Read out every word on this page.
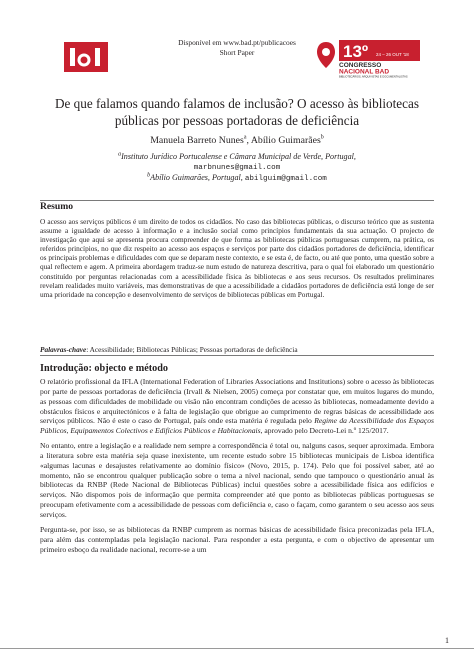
Disponível em www.bad.pt/publicacoes
Short Paper	13º 24 – 26 OUT '18
CONGRESSO
NACIONAL BAD
BIBLIOTECÁRIOS, ARQUIVISTAS E DOCUMENTALISTAS
De que falamos quando falamos de inclusão? O acesso às bibliotecas
públicas por pessoas portadoras de deficiência
Manuela Barreto Nunes$^a$, Abílio Guimarães$^b$
$^a$Instituto Jurídico Portucalense e Câmara Municipal de Verde, Portugal,
marbnunes@gmail.com
$^b$Abílio Guimarães, Portugal, abilguim@gmail.com
Resumo
O acesso aos serviços públicos é um direito de todos os cidadãos. No caso das bibliotecas públicas, o discurso teórico que as sustenta assume a igualdade de acesso à informação e a inclusão social como princípios fundamentais da sua actuação. O projecto de investigação que aqui se apresenta procura compreender de que forma as bibliotecas públicas portuguesas cumprem, na prática, os referidos princípios, no que diz respeito ao acesso aos espaços e serviços por parte dos cidadãos portadores de deficiência, identificar os principais problemas e dificuldades com que se deparam neste contexto, e se esta é, de facto, ou até que ponto, uma questão sobre a qual reflectem e agem. A primeira abordagem traduz-se num estudo de natureza descritiva, para o qual foi elaborado um questionário constituído por perguntas relacionadas com a acessibilidade física às bibliotecas e aos seus recursos. Os resultados preliminares revelam realidades muito variáveis, mas demonstrativas de que a acessibilidade a cidadãos portadores de deficiência está longe de ser uma prioridade na concepção e desenvolvimento de serviços de bibliotecas públicas em Portugal.
Palavras-chave: Acessibilidade; Bibliotecas Públicas; Pessoas portadoras de deficiência
Introdução: objecto e método

O relatório profissional da IFLA (International Federation of Libraries Associations and Institutions) sobre o acesso às bibliotecas por parte de pessoas portadoras de deficiência (Irvall & Nielsen, 2005) começa por constatar que, em muitos lugares do mundo, as pessoas com dificuldades de mobilidade ou visão não encontram condições de acesso às bibliotecas, nomeadamente devido a obstáculos físicos e arquitectónicos e à falta de legislação que obrigue ao cumprimento de regras básicas de acessibilidade aos serviços públicos. Não é este o caso de Portugal, país onde esta matéria é regulada pelo Regime da Acessibilidade dos Espaços Públicos, Equipamentos Colectivos e Edifícios Públicos e Habitacionais, aprovado pelo Decreto-Lei n.º 125/2017.

No entanto, entre a legislação e a realidade nem sempre a correspondência é total ou, nalguns casos, sequer aproximada. Embora a literatura sobre esta matéria seja quase inexistente, um recente estudo sobre 15 bibliotecas municipais de Lisboa identifica «algumas lacunas e desajustes relativamente ao domínio físico» (Novo, 2015, p. 174). Pelo que foi possível saber, até ao momento, não se encontrou qualquer publicação sobre o tema a nível nacional, sendo que tampouco o questionário anual às bibliotecas da RNBP (Rede Nacional de Bibliotecas Públicas) inclui questões sobre a acessibilidade física aos edifícios e serviços. Não dispomos pois de informação que permita compreender até que ponto as bibliotecas públicas portuguesas se preocupam efetivamente com a acessibilidade de pessoas com deficiência e, caso o façam, como garantem o seu acesso aos seus serviços.

Pergunta-se, por isso, se as bibliotecas da RNBP cumprem as normas básicas de acessibilidade física preconizadas pela IFLA, para além das contempladas pela legislação nacional. Para responder a esta pergunta, e com o objectivo de apresentar um primeiro esboço da realidade nacional, recorre-se a um

1
